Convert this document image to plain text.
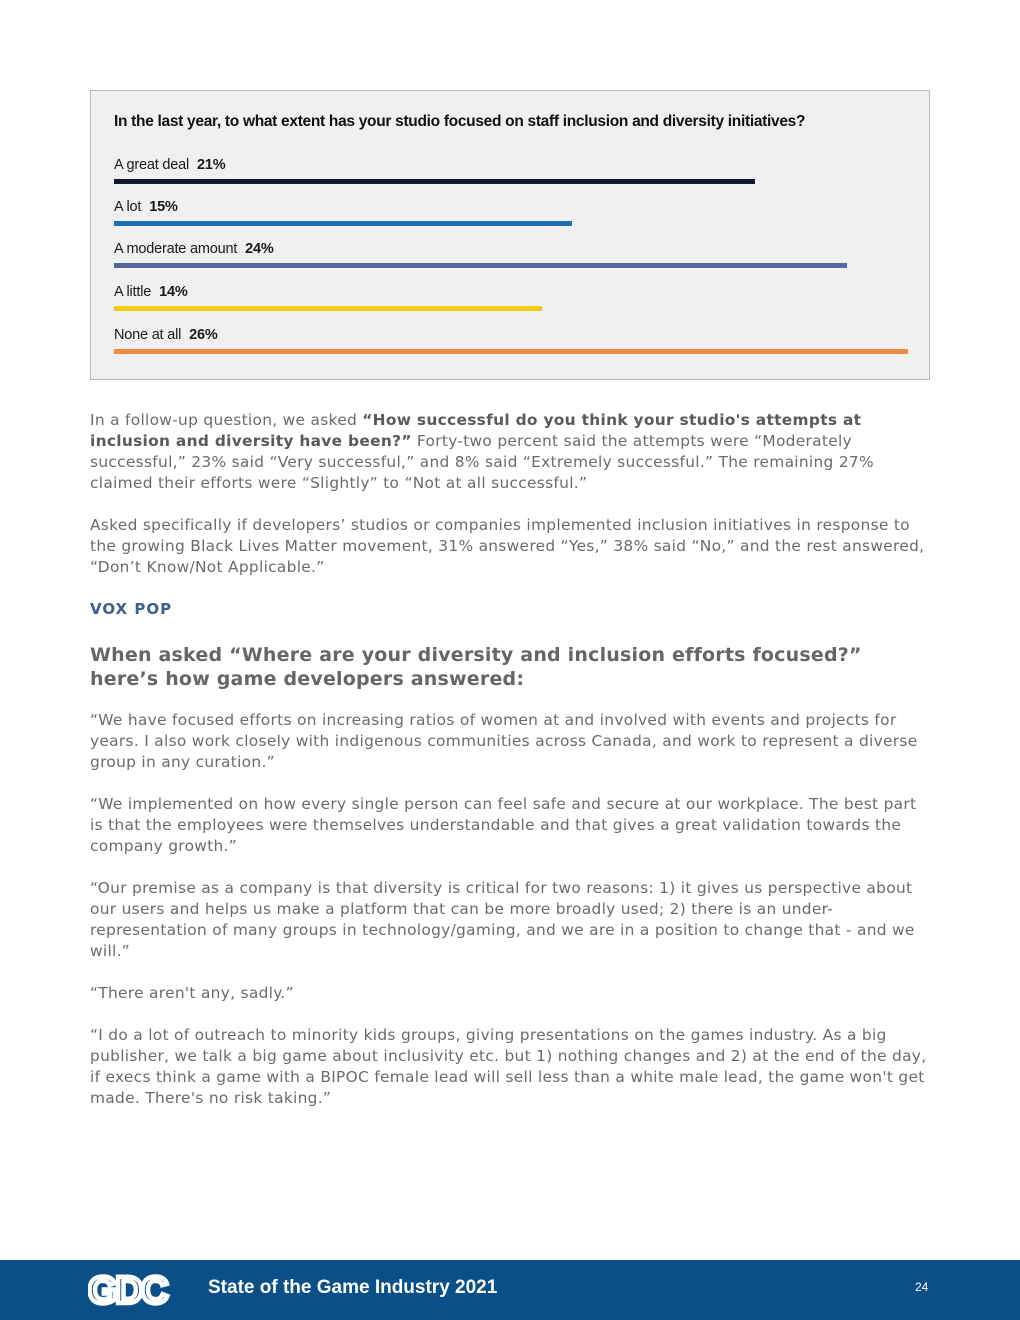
In the last year, to what extent has your studio focused on staff inclusion and diversity initiatives?
A great deal 21%
A lot 15%
A moderate amount 24%
A little 14%
None at all 26%

In a follow-up question, we asked “How successful do you think your studio's attempts at inclusion and diversity have been?” Forty-two percent said the attempts were “Moderately successful,” 23% said “Very successful,” and 8% said “Extremely successful.” The remaining 27% claimed their efforts were “Slightly” to “Not at all successful.”

Asked specifically if developers’ studios or companies implemented inclusion initiatives in response to the growing Black Lives Matter movement, 31% answered “Yes,” 38% said “No,” and the rest answered, “Don’t Know/Not Applicable.”

VOX POP
When asked “Where are your diversity and inclusion efforts focused?” here’s how game developers answered:

“We have focused efforts on increasing ratios of women at and involved with events and projects for years. I also work closely with indigenous communities across Canada, and work to represent a diverse group in any curation.”

“We implemented on how every single person can feel safe and secure at our workplace. The best part is that the employees were themselves understandable and that gives a great validation towards the company growth.”

“Our premise as a company is that diversity is critical for two reasons: 1) it gives us perspective about our users and helps us make a platform that can be more broadly used; 2) there is an under-representation of many groups in technology/gaming, and we are in a position to change that - and we will.”

“There aren't any, sadly.”

“I do a lot of outreach to minority kids groups, giving presentations on the games industry. As a big publisher, we talk a big game about inclusivity etc. but 1) nothing changes and 2) at the end of the day, if execs think a game with a BIPOC female lead will sell less than a white male lead, the game won't get made. There's no risk taking.”

GDC State of the Game Industry 2021	24
